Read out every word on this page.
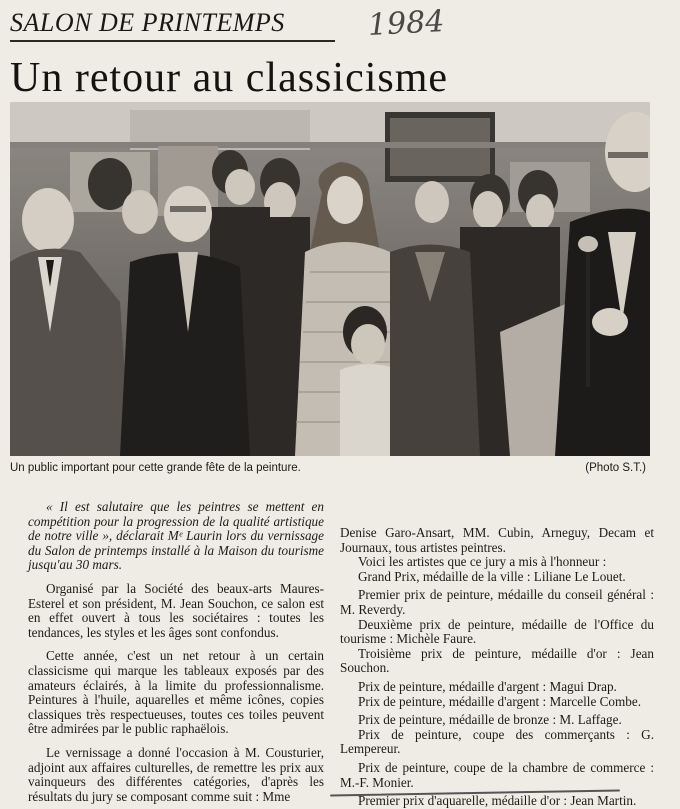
SALON DE PRINTEMPS	1984
Un retour au classicisme
Un public important pour cette grande fête de la peinture.	(Photo S.T.)

« Il est salutaire que les peintres se mettent en compétition pour la progression de la qualité artistique de notre ville », déclarait Mᵉ Laurin lors du vernissage du Salon de printemps installé à la Maison du tourisme jusqu'au 30 mars.

Organisé par la Société des beaux-arts Maures-Esterel et son président, M. Jean Souchon, ce salon est en effet ouvert à tous les sociétaires : toutes les tendances, les styles et les âges sont confondus.

Cette année, c'est un net retour à un certain classicisme qui marque les tableaux exposés par des amateurs éclairés, à la limite du professionnalisme. Peintures à l'huile, aquarelles et même icônes, copies classiques très respectueuses, toutes ces toiles peuvent être admirées par le public raphaëlois.

Le vernissage a donné l'occasion à M. Cousturier, adjoint aux affaires culturelles, de remettre les prix aux vainqueurs des différentes catégories, d'après les résultats du jury se composant comme suit : Mme

Denise Garo-Ansart, MM. Cubin, Arneguy, Decam et Journaux, tous artistes peintres.

Voici les artistes que ce jury a mis à l'honneur :

Grand Prix, médaille de la ville : Liliane Le Louet.

Premier prix de peinture, médaille du conseil général : M. Reverdy.

Deuxième prix de peinture, médaille de l'Office du tourisme : Michèle Faure.

Troisième prix de peinture, médaille d'or : Jean Souchon.

Prix de peinture, médaille d'argent : Magui Drap.

Prix de peinture, médaille d'argent : Marcelle Combe.

Prix de peinture, médaille de bronze : M. Laffage.

Prix de peinture, coupe des commerçants : G. Lempereur.

Prix de peinture, coupe de la chambre de commerce : M.-F. Monier.

Premier prix d'aquarelle, médaille d'or : Jean Martin.
